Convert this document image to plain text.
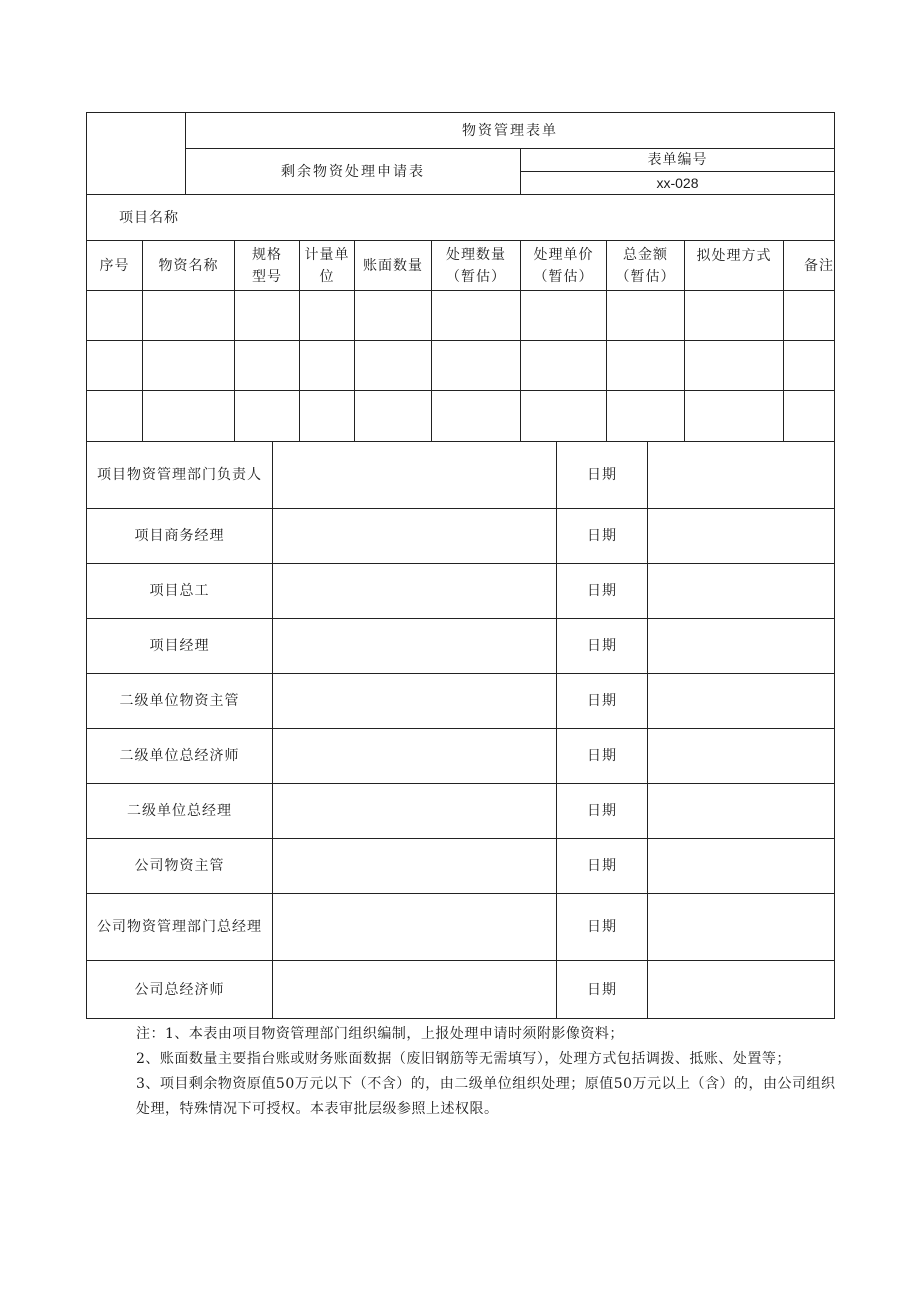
	物资管理表单	
	剩余物资处理申请表	表单编号
		xx-028
项目名称		
序号	物资名称	规格型号	计量单位	账面数量	处理数量（暂估）	处理单价（暂估）	总金额（暂估）	拟处理方式	备注

项目物资管理部门负责人		日期	
项目商务经理		日期	
项目总工		日期	
项目经理		日期	
二级单位物资主管		日期	
二级单位总经济师		日期	
二级单位总经理		日期	
公司物资主管		日期	
公司物资管理部门总经理		日期	
公司总经济师		日期	

注：1、本表由项目物资管理部门组织编制，上报处理申请时须附影像资料；

2、账面数量主要指台账或财务账面数据（废旧钢筋等无需填写），处理方式包括调拨、抵账、处置等；

3、项目剩余物资原值50万元以下（不含）的，由二级单位组织处理；原值50万元以上（含）的，由公司组织处理，特殊情况下可授权。本表审批层级参照上述权限。
